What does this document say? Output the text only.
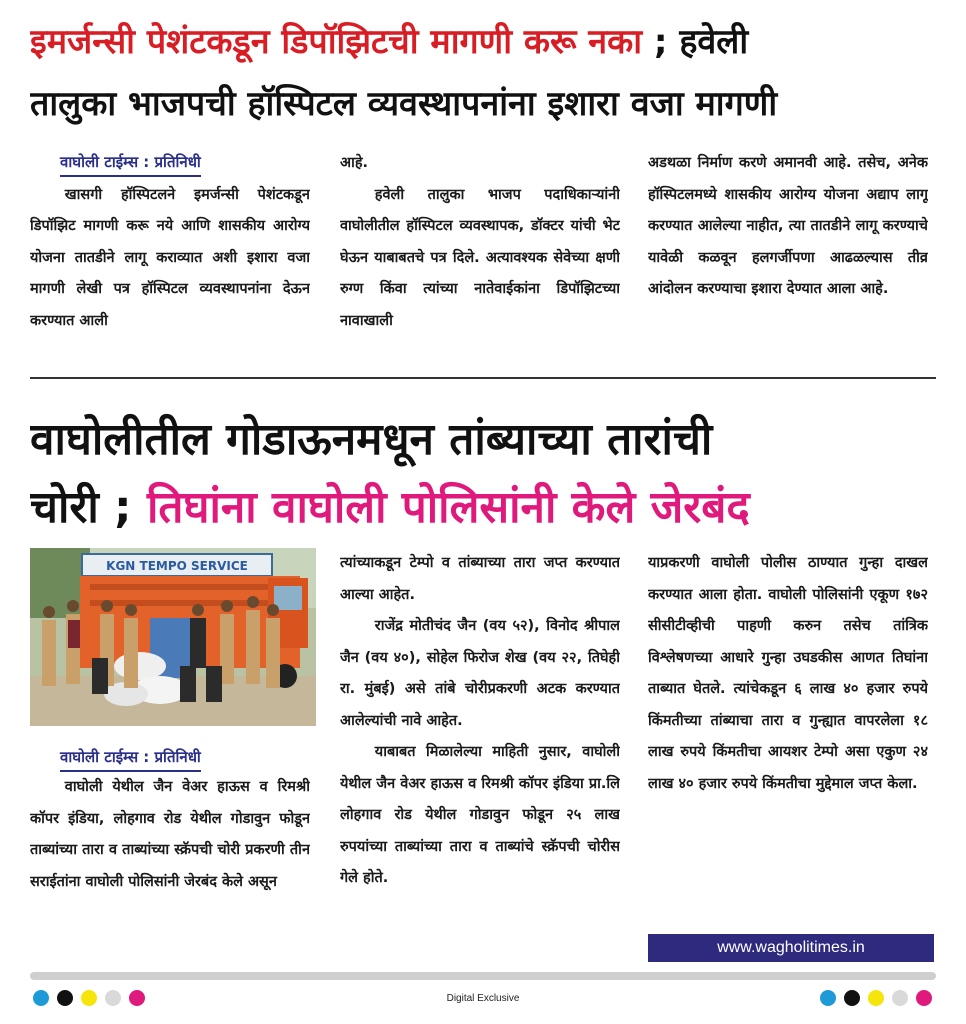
इमर्जन्सी पेशंटकडून डिपॉझिटची मागणी करू नका ; हवेली
तालुका भाजपची हॉस्पिटल व्यवस्थापनांना इशारा वजा मागणी
वाघोली टाईम्स : प्रतिनिधी

खासगी हॉस्पिटलने इमर्जन्सी पेशंटकडून डिपॉझिट मागणी करू नये आणि शासकीय आरोग्य योजना तातडीने लागू कराव्यात अशी इशारा वजा मागणी लेखी पत्र हॉस्पिटल व्यवस्थापनांना देऊन करण्यात आली

आहे.

हवेली तालुका भाजप पदाधिकाऱ्यांनी वाघोलीतील हॉस्पिटल व्यवस्थापक, डॉक्टर यांची भेट घेऊन याबाबतचे पत्र दिले. अत्यावश्यक सेवेच्या क्षणी रुग्ण किंवा त्यांच्या नातेवाईकांना डिपॉझिटच्या नावाखाली

अडथळा निर्माण करणे अमानवी आहे. तसेच, अनेक हॉस्पिटलमध्ये शासकीय आरोग्य योजना अद्याप लागू करण्यात आलेल्या नाहीत, त्या तातडीने लागू करण्याचे यावेळी कळवून हलगर्जीपणा आढळल्यास तीव्र आंदोलन करण्याचा इशारा देण्यात आला आहे.

वाघोलीतील गोडाऊनमधून तांब्याच्या तारांची
चोरी ; तिघांना वाघोली पोलिसांनी केले जेरबंद
KGN TEMPO SERVICE
वाघोली टाईम्स : प्रतिनिधी

वाघोली येथील जैन वेअर हाऊस व रिमश्री कॉपर इंडिया, लोहगाव रोड येथील गोडावुन फोडून ताब्यांच्या तारा व ताब्यांच्या स्क्रॅपची चोरी प्रकरणी तीन सराईतांना वाघोली पोलिसांनी जेरबंद केले असून

त्यांच्याकडून टेम्पो व तांब्याच्या तारा जप्त करण्यात आल्या आहेत.

राजेंद्र मोतीचंद जैन (वय ५२), विनोद श्रीपाल जैन (वय ४०), सोहेल फिरोज शेख (वय २२, तिघेही रा. मुंबई) असे तांबे चोरीप्रकरणी अटक करण्यात आलेल्यांची नावे आहेत.

याबाबत मिळालेल्या माहिती नुसार, वाघोली येथील जैन वेअर हाऊस व रिमश्री कॉपर इंडिया प्रा.लि लोहगाव रोड येथील गोडावुन फोडून २५ लाख रुपयांच्या ताब्यांच्या तारा व ताब्यांचे स्क्रॅपची चोरीस गेले होते.

याप्रकरणी वाघोली पोलीस ठाण्यात गुन्हा दाखल करण्यात आला होता. वाघोली पोलिसांनी एकूण १७२ सीसीटीव्हीची पाहणी करुन तसेच तांत्रिक विश्लेषणच्या आधारे गुन्हा उघडकीस आणत तिघांना ताब्यात घेतले. त्यांचेकडून ६ लाख ४० हजार रुपये किंमतीच्या तांब्याचा तारा व गुन्ह्यात वापरलेला १८ लाख रुपये किंमतीचा आयशर टेम्पो असा एकुण २४ लाख ४० हजार रुपये किंमतीचा मुद्देमाल जप्त केला.

www.wagholitimes.in
Digital Exclusive
